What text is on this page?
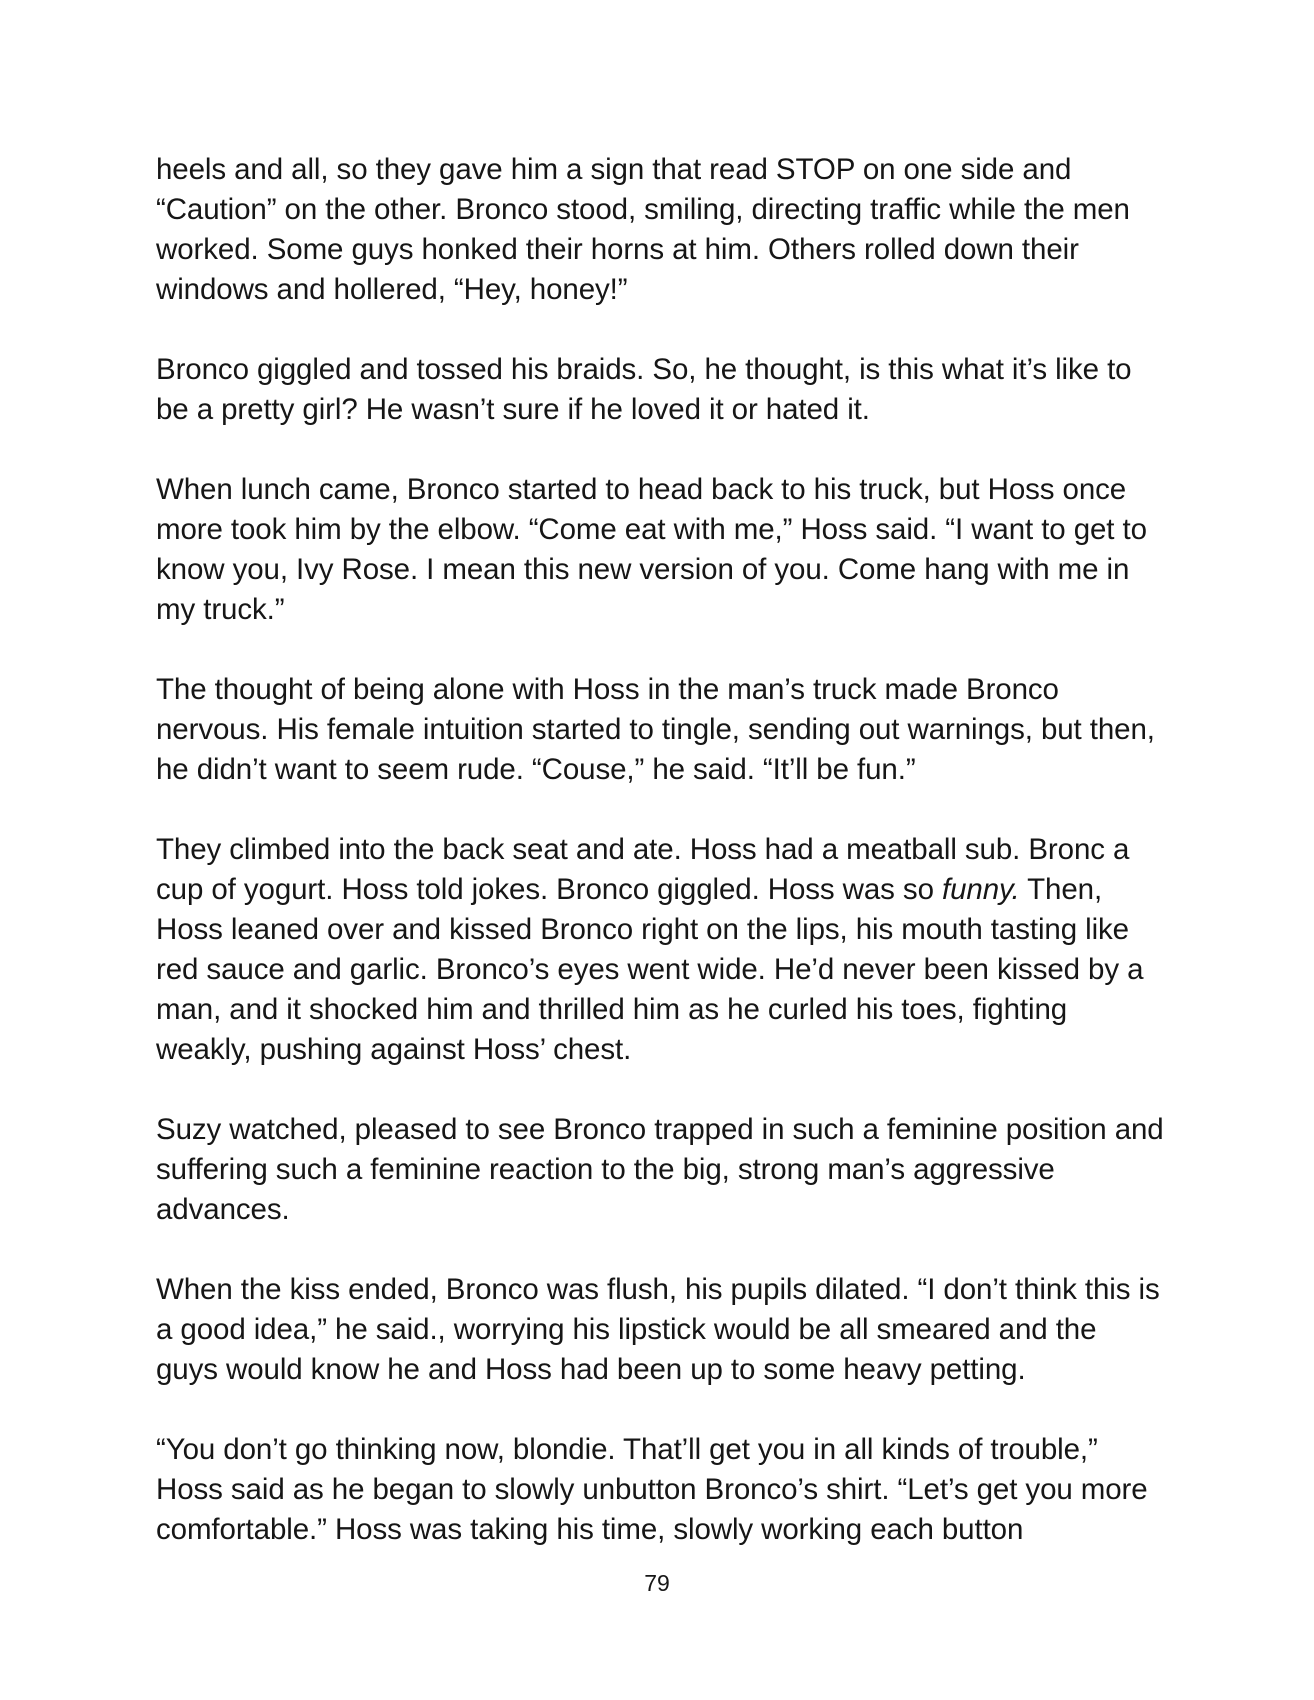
heels and all, so they gave him a sign that read STOP on one side and “Caution” on the other. Bronco stood, smiling, directing traffic while the men worked. Some guys honked their horns at him. Others rolled down their windows and hollered, “Hey, honey!”

Bronco giggled and tossed his braids. So, he thought, is this what it’s like to be a pretty girl? He wasn’t sure if he loved it or hated it.

When lunch came, Bronco started to head back to his truck, but Hoss once more took him by the elbow. “Come eat with me,” Hoss said. “I want to get to know you, Ivy Rose. I mean this new version of you. Come hang with me in my truck.”

The thought of being alone with Hoss in the man’s truck made Bronco nervous. His female intuition started to tingle, sending out warnings, but then, he didn’t want to seem rude. “Couse,” he said. “It’ll be fun.”

They climbed into the back seat and ate. Hoss had a meatball sub. Bronc a cup of yogurt. Hoss told jokes. Bronco giggled. Hoss was so funny. Then, Hoss leaned over and kissed Bronco right on the lips, his mouth tasting like red sauce and garlic. Bronco’s eyes went wide. He’d never been kissed by a man, and it shocked him and thrilled him as he curled his toes, fighting weakly, pushing against Hoss’ chest.

Suzy watched, pleased to see Bronco trapped in such a feminine position and suffering such a feminine reaction to the big, strong man’s aggressive advances.

When the kiss ended, Bronco was flush, his pupils dilated. “I don’t think this is a good idea,” he said., worrying his lipstick would be all smeared and the guys would know he and Hoss had been up to some heavy petting.

“You don’t go thinking now, blondie. That’ll get you in all kinds of trouble,” Hoss said as he began to slowly unbutton Bronco’s shirt. “Let’s get you more comfortable.” Hoss was taking his time, slowly working each button

79
